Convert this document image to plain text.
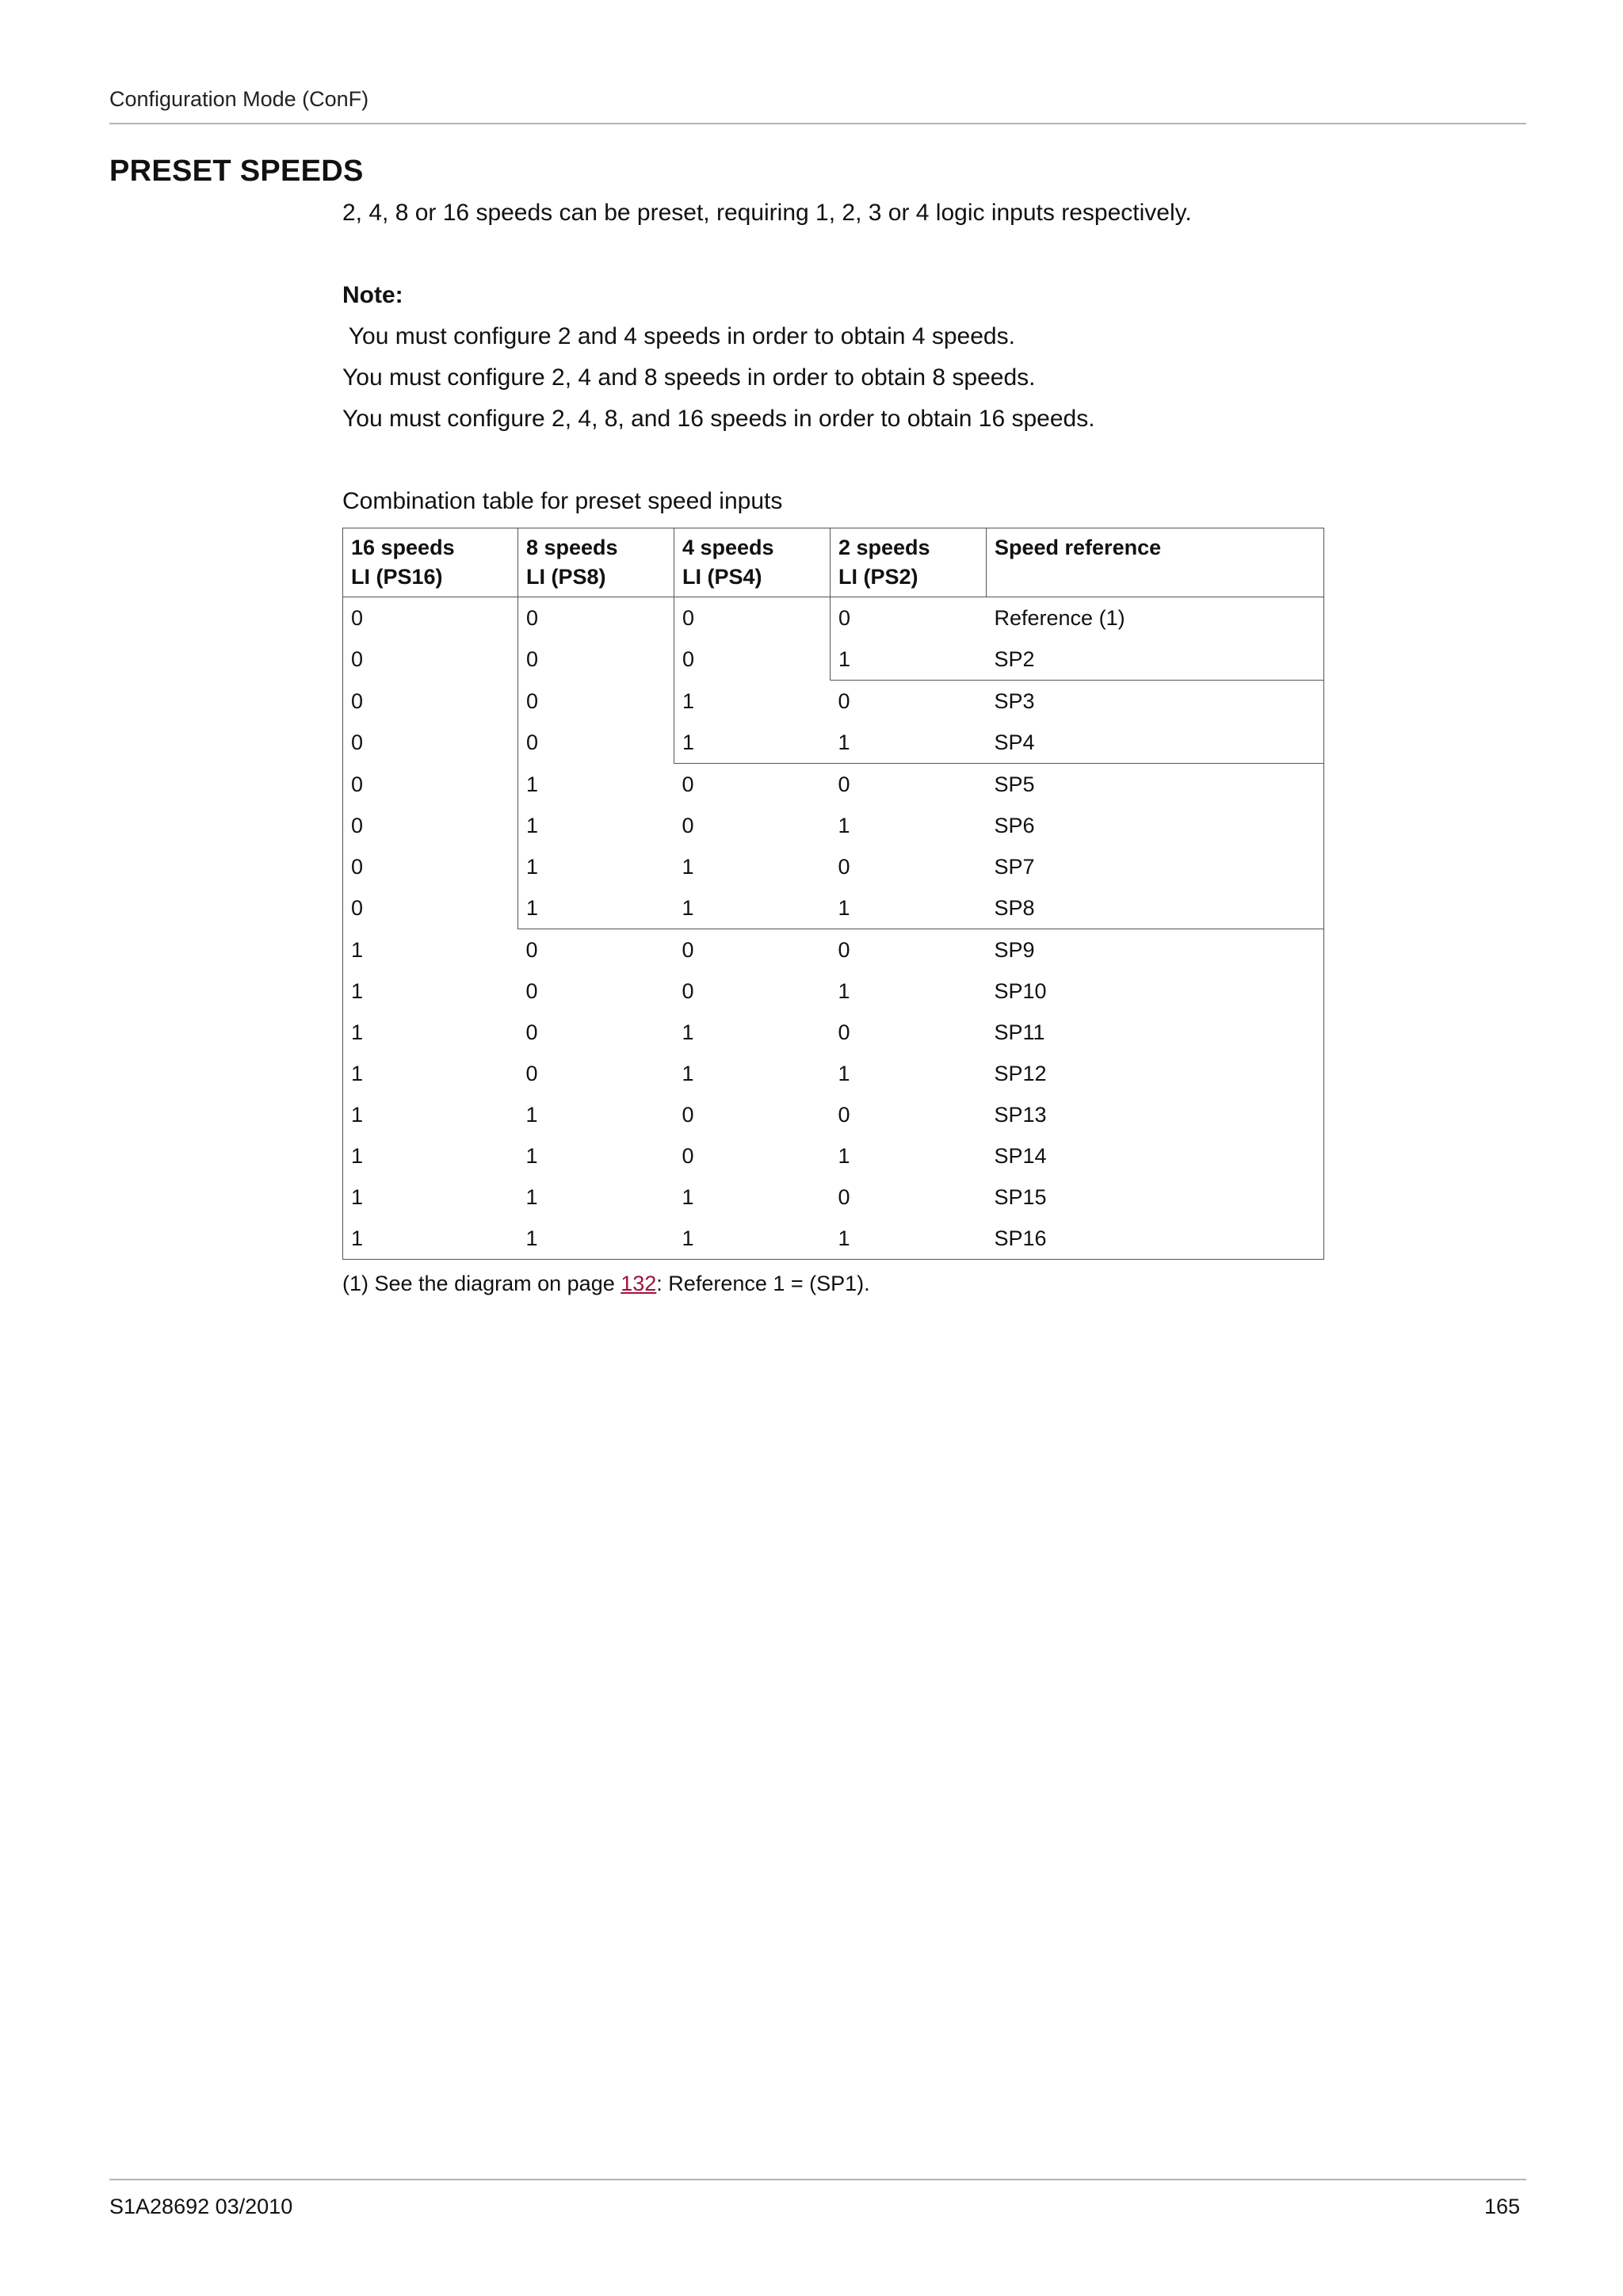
Configuration Mode (ConF)
PRESET SPEEDS

2, 4, 8 or 16 speeds can be preset, requiring 1, 2, 3 or 4 logic inputs respectively.

Note:

You must configure 2 and 4 speeds in order to obtain 4 speeds.

You must configure 2, 4 and 8 speeds in order to obtain 8 speeds.

You must configure 2, 4, 8, and 16 speeds in order to obtain 16 speeds.

Combination table for preset speed inputs

16 speeds
LI (PS16)	8 speeds
LI (PS8)	4 speeds
LI (PS4)	2 speeds
LI (PS2)	Speed reference
0	0	0	0	Reference (1)
0	0	0	1	SP2
0	0	1	0	SP3
0	0	1	1	SP4
0	1	0	0	SP5
0	1	0	1	SP6
0	1	1	0	SP7
0	1	1	1	SP8
1	0	0	0	SP9
1	0	0	1	SP10
1	0	1	0	SP11
1	0	1	1	SP12
1	1	0	0	SP13
1	1	0	1	SP14
1	1	1	0	SP15
1	1	1	1	SP16
(1) See the diagram on page 132: Reference 1 = (SP1).
S1A28692 03/2010	165
